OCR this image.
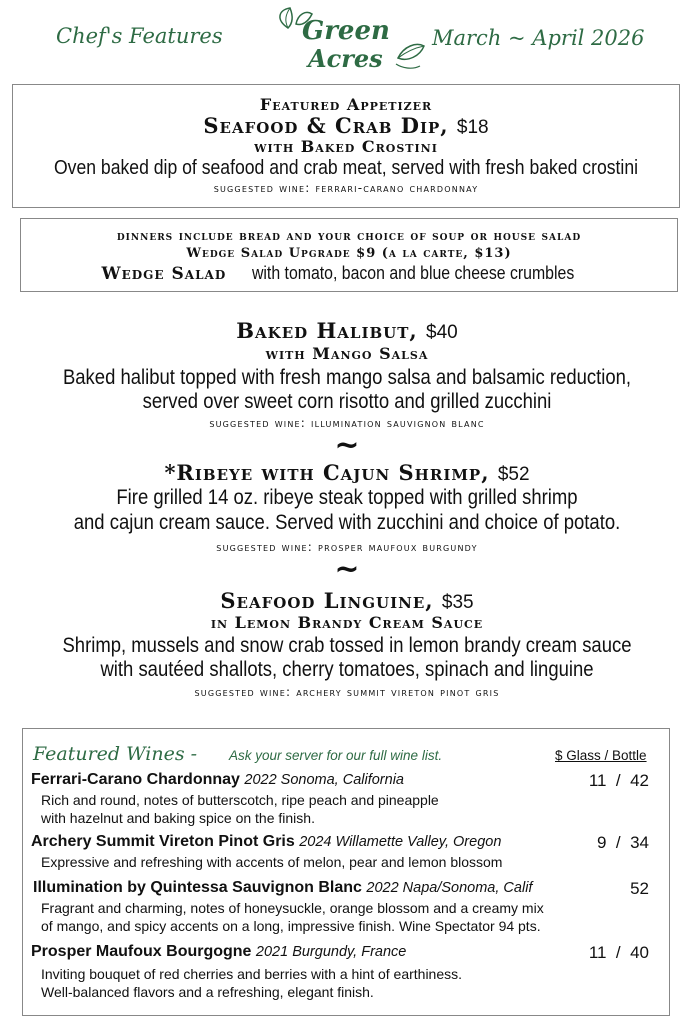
Chef's Features	Green
Acres
March ~ April 2026
Featured Appetizer
Seafood & Crab Dip, $18
with Baked Crostini
Oven baked dip of seafood and crab meat, served with fresh baked crostini
suggested wine: ferrari-carano chardonnay
dinners include bread and your choice of soup or house salad
Wedge Salad Upgrade $9 (a la carte, $13)
Wedge Salad with tomato, bacon and blue cheese crumbles
Baked Halibut, $40
with Mango Salsa
Baked halibut topped with fresh mango salsa and balsamic reduction,
served over sweet corn risotto and grilled zucchini
suggested wine: illumination sauvignon blanc
~
*Ribeye with Cajun Shrimp, $52
Fire grilled 14 oz. ribeye steak topped with grilled shrimp
and cajun cream sauce. Served with zucchini and choice of potato.
suggested wine: prosper maufoux burgundy
~
Seafood Linguine, $35
in Lemon Brandy Cream Sauce
Shrimp, mussels and snow crab tossed in lemon brandy cream sauce
with sautéed shallots, cherry tomatoes, spinach and linguine
suggested wine: archery summit vireton pinot gris
Featured Wines - Ask your server for our full wine list.	$ Glass / Bottle
Ferrari-Carano Chardonnay 2022 Sonoma, California	11  /  42
Rich and round, notes of butterscotch, ripe peach and pineapple
with hazelnut and baking spice on the finish.
Archery Summit Vireton Pinot Gris 2024 Willamette Valley, Oregon	9  /  34
Expressive and refreshing with accents of melon, pear and lemon blossom
Illumination by Quintessa Sauvignon Blanc 2022 Napa/Sonoma, Calif	52
Fragrant and charming, notes of honeysuckle, orange blossom and a creamy mix
of mango, and spicy accents on a long, impressive finish. Wine Spectator 94 pts.
Prosper Maufoux Bourgogne 2021 Burgundy, France	11  /  40
Inviting bouquet of red cherries and berries with a hint of earthiness.
Well-balanced flavors and a refreshing, elegant finish.
